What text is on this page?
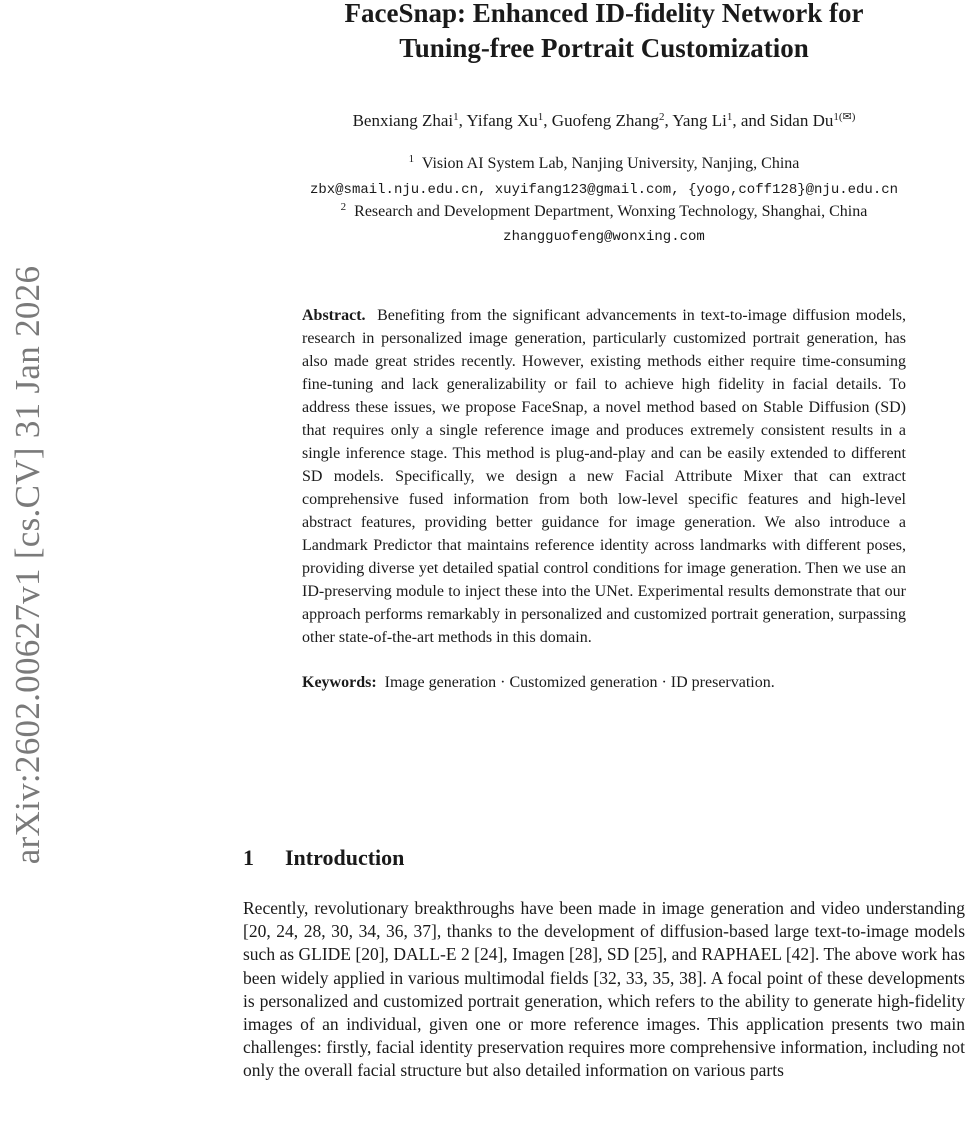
arXiv:2602.00627v1 [cs.CV] 31 Jan 2026
FaceSnap: Enhanced ID-fidelity Network for
Tuning-free Portrait Customization
Benxiang Zhai$^1$, Yifang Xu$^1$, Guofeng Zhang$^2$, Yang Li$^1$, and Sidan $Du^{1(✉)}$
$^1$ Vision AI System Lab, Nanjing University, Nanjing, China
zbx@smail.nju.edu.cn, xuyifang123@gmail.com, {yogo,coff128}@nju.edu.cn
$^2$ Research and Development Department, Wonxing Technology, Shanghai, China
zhangguofeng@wonxing.com

Abstract. Benefiting from the significant advancements in text-to-image diffusion models, research in personalized image generation, particularly customized portrait generation, has also made great strides recently. However, existing methods either require time-consuming fine-tuning and lack generalizability or fail to achieve high fidelity in facial details. To address these issues, we propose FaceSnap, a novel method based on Stable Diffusion (SD) that requires only a single reference image and produces extremely consistent results in a single inference stage. This method is plug-and-play and can be easily extended to different SD models. Specifically, we design a new Facial Attribute Mixer that can extract comprehensive fused information from both low-level specific features and high-level abstract features, providing better guidance for image generation. We also introduce a Landmark Predictor that maintains reference identity across landmarks with different poses, providing diverse yet detailed spatial control conditions for image generation. Then we use an ID-preserving module to inject these into the UNet. Experimental results demonstrate that our approach performs remarkably in personalized and customized portrait generation, surpassing other state-of-the-art methods in this domain.

Keywords: Image generation · Customized generation · ID preservation.

1 Introduction

Recently, revolutionary breakthroughs have been made in image generation and video understanding [20, 24, 28, 30, 34, 36, 37], thanks to the development of diffusion-based large text-to-image models such as GLIDE [20], DALL-E 2 [24], Imagen [28], SD [25], and RAPHAEL [42]. The above work has been widely applied in various multimodal fields [32, 33, 35, 38]. A focal point of these developments is personalized and customized portrait generation, which refers to the ability to generate high-fidelity images of an individual, given one or more reference images. This application presents two main challenges: firstly, facial identity preservation requires more comprehensive information, including not only the overall facial structure but also detailed information on various parts
